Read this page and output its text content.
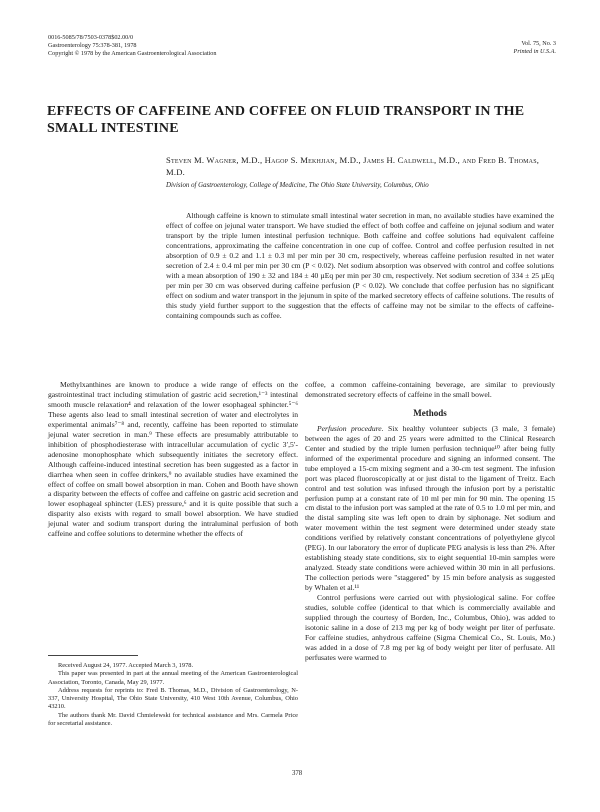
0016-5085/78/7503-0378$02.00/0
Gastroenterology 75:378-381, 1978
Copyright © 1978 by the American Gastroenterological Association
Vol. 75, No. 3
Printed in U.S.A.
EFFECTS OF CAFFEINE AND COFFEE ON FLUID TRANSPORT IN THE SMALL INTESTINE
Steven M. Wagner, M.D., Hagop S. Mekhjian, M.D., James H. Caldwell, M.D., and Fred B. Thomas, M.D.
Division of Gastroenterology, College of Medicine, The Ohio State University, Columbus, Ohio
Although caffeine is known to stimulate small intestinal water secretion in man, no available studies have examined the effect of coffee on jejunal water transport. We have studied the effect of both coffee and caffeine on jejunal sodium and water transport by the triple lumen intestinal perfusion technique. Both caffeine and coffee solutions had equivalent caffeine concentrations, approximating the caffeine concentration in one cup of coffee. Control and coffee perfusion resulted in net absorption of 0.9 ± 0.2 and 1.1 ± 0.3 ml per min per 30 cm, respectively, whereas caffeine perfusion resulted in net water secretion of 2.4 ± 0.4 ml per min per 30 cm (P < 0.02). Net sodium absorption was observed with control and coffee solutions with a mean absorption of 190 ± 32 and 184 ± 40 µEq per min per 30 cm, respectively. Net sodium secretion of 334 ± 25 µEq per min per 30 cm was observed during caffeine perfusion (P < 0.02). We conclude that coffee perfusion has no significant effect on sodium and water transport in the jejunum in spite of the marked secretory effects of caffeine solutions. The results of this study yield further support to the suggestion that the effects of caffeine may not be similar to the effects of caffeine-containing compounds such as coffee.

Methylxanthines are known to produce a wide range of effects on the gastrointestinal tract including stimulation of gastric acid secretion,¹⁻³ intestinal smooth muscle relaxation⁴ and relaxation of the lower esophageal sphincter.⁵⁻⁶ These agents also lead to small intestinal secretion of water and electrolytes in experimental animals⁷⁻⁸ and, recently, caffeine has been reported to stimulate jejunal water secretion in man.⁹ These effects are presumably attributable to inhibition of phosphodiesterase with intracellular accumulation of cyclic 3′,5′-adenosine monophosphate which subsequently initiates the secretory effect. Although caffeine-induced intestinal secretion has been suggested as a factor in diarrhea when seen in coffee drinkers,⁹ no available studies have examined the effect of coffee on small bowel absorption in man. Cohen and Booth have shown a disparity between the effects of coffee and caffeine on gastric acid secretion and lower esophageal sphincter (LES) pressure,⁶ and it is quite possible that such a disparity also exists with regard to small bowel absorption. We have studied jejunal water and sodium transport during the intraluminal perfusion of both caffeine and coffee solutions to determine whether the effects of

coffee, a common caffeine-containing beverage, are similar to previously demonstrated secretory effects of caffeine in the small bowel.

Methods

Perfusion procedure. Six healthy volunteer subjects (3 male, 3 female) between the ages of 20 and 25 years were admitted to the Clinical Research Center and studied by the triple lumen perfusion technique¹⁰ after being fully informed of the experimental procedure and signing an informed consent. The tube employed a 15-cm mixing segment and a 30-cm test segment. The infusion port was placed fluoroscopically at or just distal to the ligament of Treitz. Each control and test solution was infused through the infusion port by a peristaltic perfusion pump at a constant rate of 10 ml per min for 90 min. The opening 15 cm distal to the infusion port was sampled at the rate of 0.5 to 1.0 ml per min, and the distal sampling site was left open to drain by siphonage. Net sodium and water movement within the test segment were determined under steady state conditions verified by relatively constant concentrations of polyethylene glycol (PEG). In our laboratory the error of duplicate PEG analysis is less than 2%. After establishing steady state conditions, six to eight sequential 10-min samples were analyzed. Steady state conditions were achieved within 30 min in all perfusions. The collection periods were "staggered" by 15 min before analysis as suggested by Whalen et al.¹¹

Control perfusions were carried out with physiological saline. For coffee studies, soluble coffee (identical to that which is commercially available and supplied through the courtesy of Borden, Inc., Columbus, Ohio), was added to isotonic saline in a dose of 213 mg per kg of body weight per liter of perfusate. For caffeine studies, anhydrous caffeine (Sigma Chemical Co., St. Louis, Mo.) was added in a dose of 7.8 mg per kg of body weight per liter of perfusate. All perfusates were warmed to

Received August 24, 1977. Accepted March 3, 1978.

This paper was presented in part at the annual meeting of the American Gastroenterological Association, Toronto, Canada, May 29, 1977.

Address requests for reprints to: Fred B. Thomas, M.D., Division of Gastroenterology, N-337, University Hospital, The Ohio State University, 410 West 10th Avenue, Columbus, Ohio 43210.

The authors thank Mr. David Chmielewski for technical assistance and Mrs. Carmela Price for secretarial assistance.

378
